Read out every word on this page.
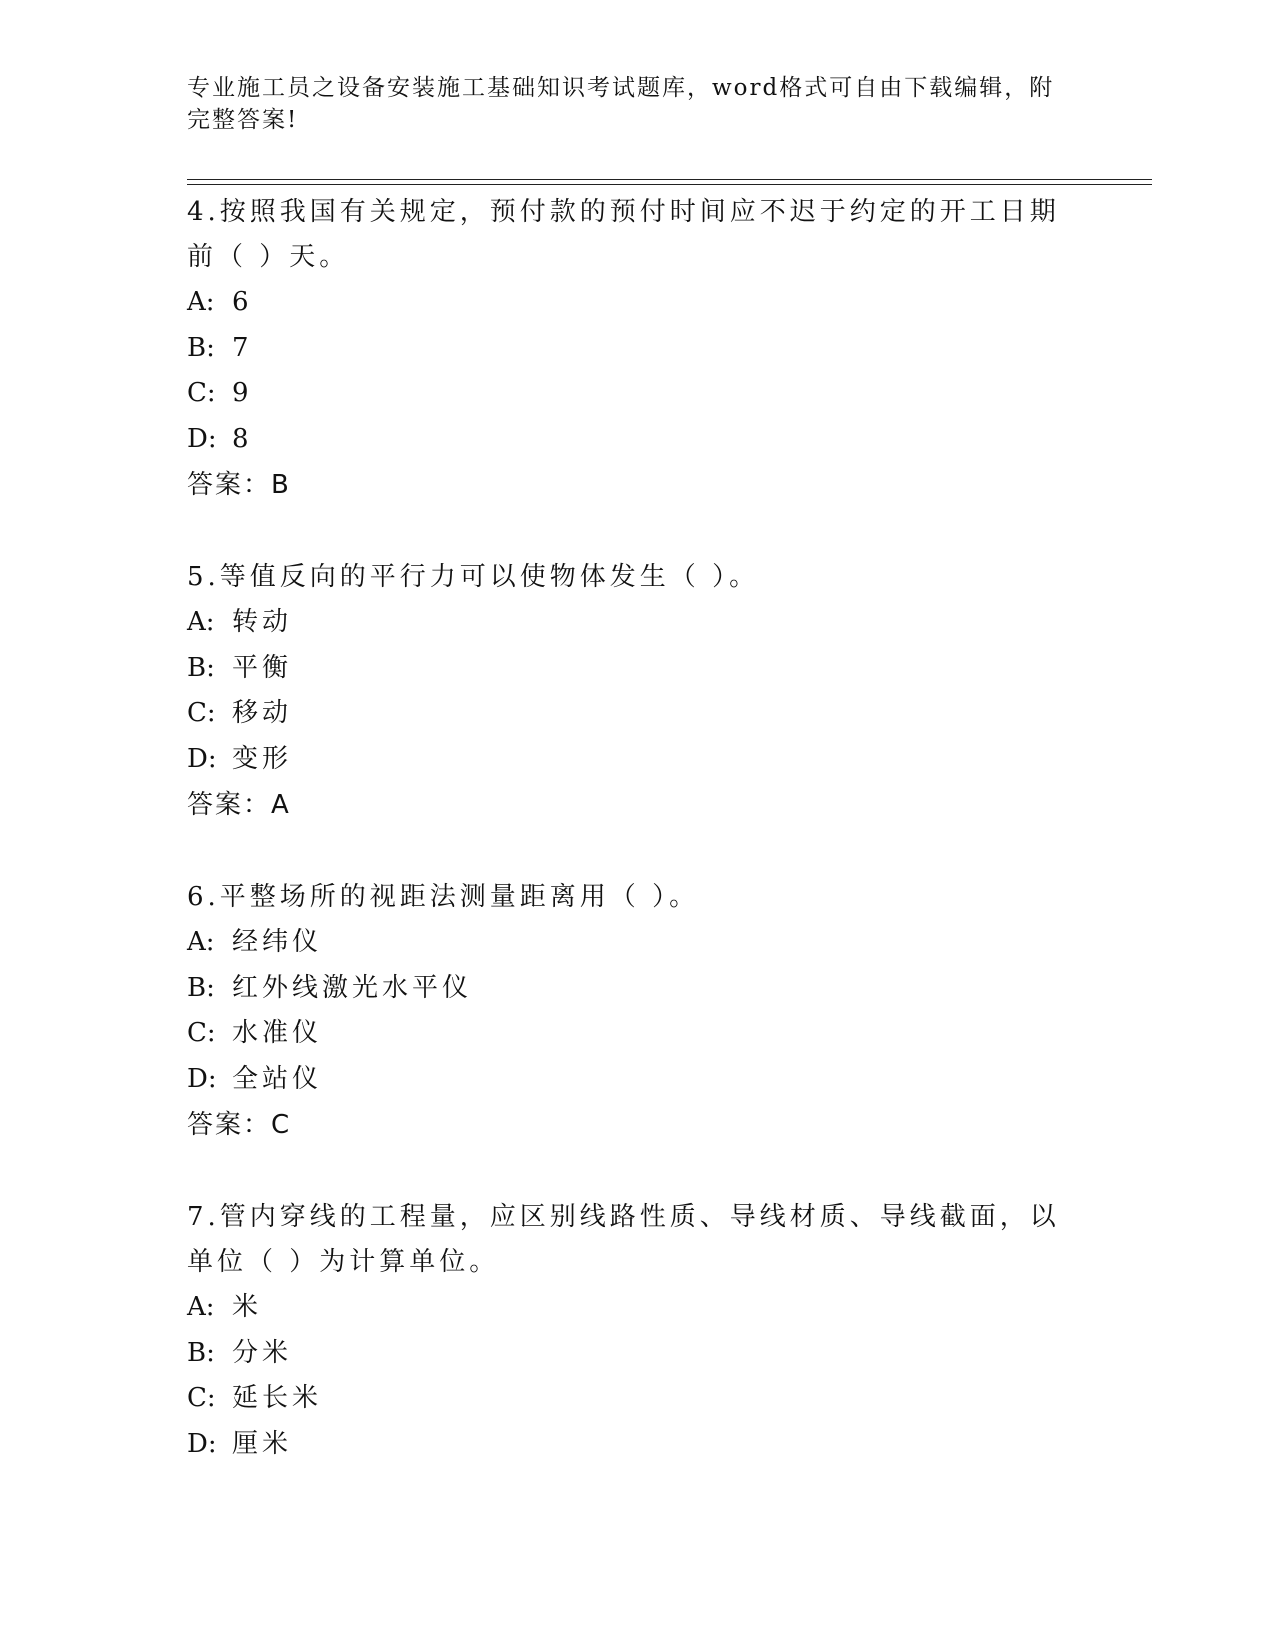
专业施工员之设备安装施工基础知识考试题库，word格式可自由下载编辑，附完整答案!
4.按照我国有关规定，预付款的预付时间应不迟于约定的开工日期前（ ）天。
A: 6
B: 7
C: 9
D: 8
答案：B
5.等值反向的平行力可以使物体发生（ ）。
A: 转动
B: 平衡
C: 移动
D: 变形
答案：A
6.平整场所的视距法测量距离用（ ）。
A: 经纬仪
B: 红外线激光水平仪
C: 水准仪
D: 全站仪
答案：C
7.管内穿线的工程量，应区别线路性质、导线材质、导线截面，以单位（ ）为计算单位。
A: 米
B: 分米
C: 延长米
D: 厘米
